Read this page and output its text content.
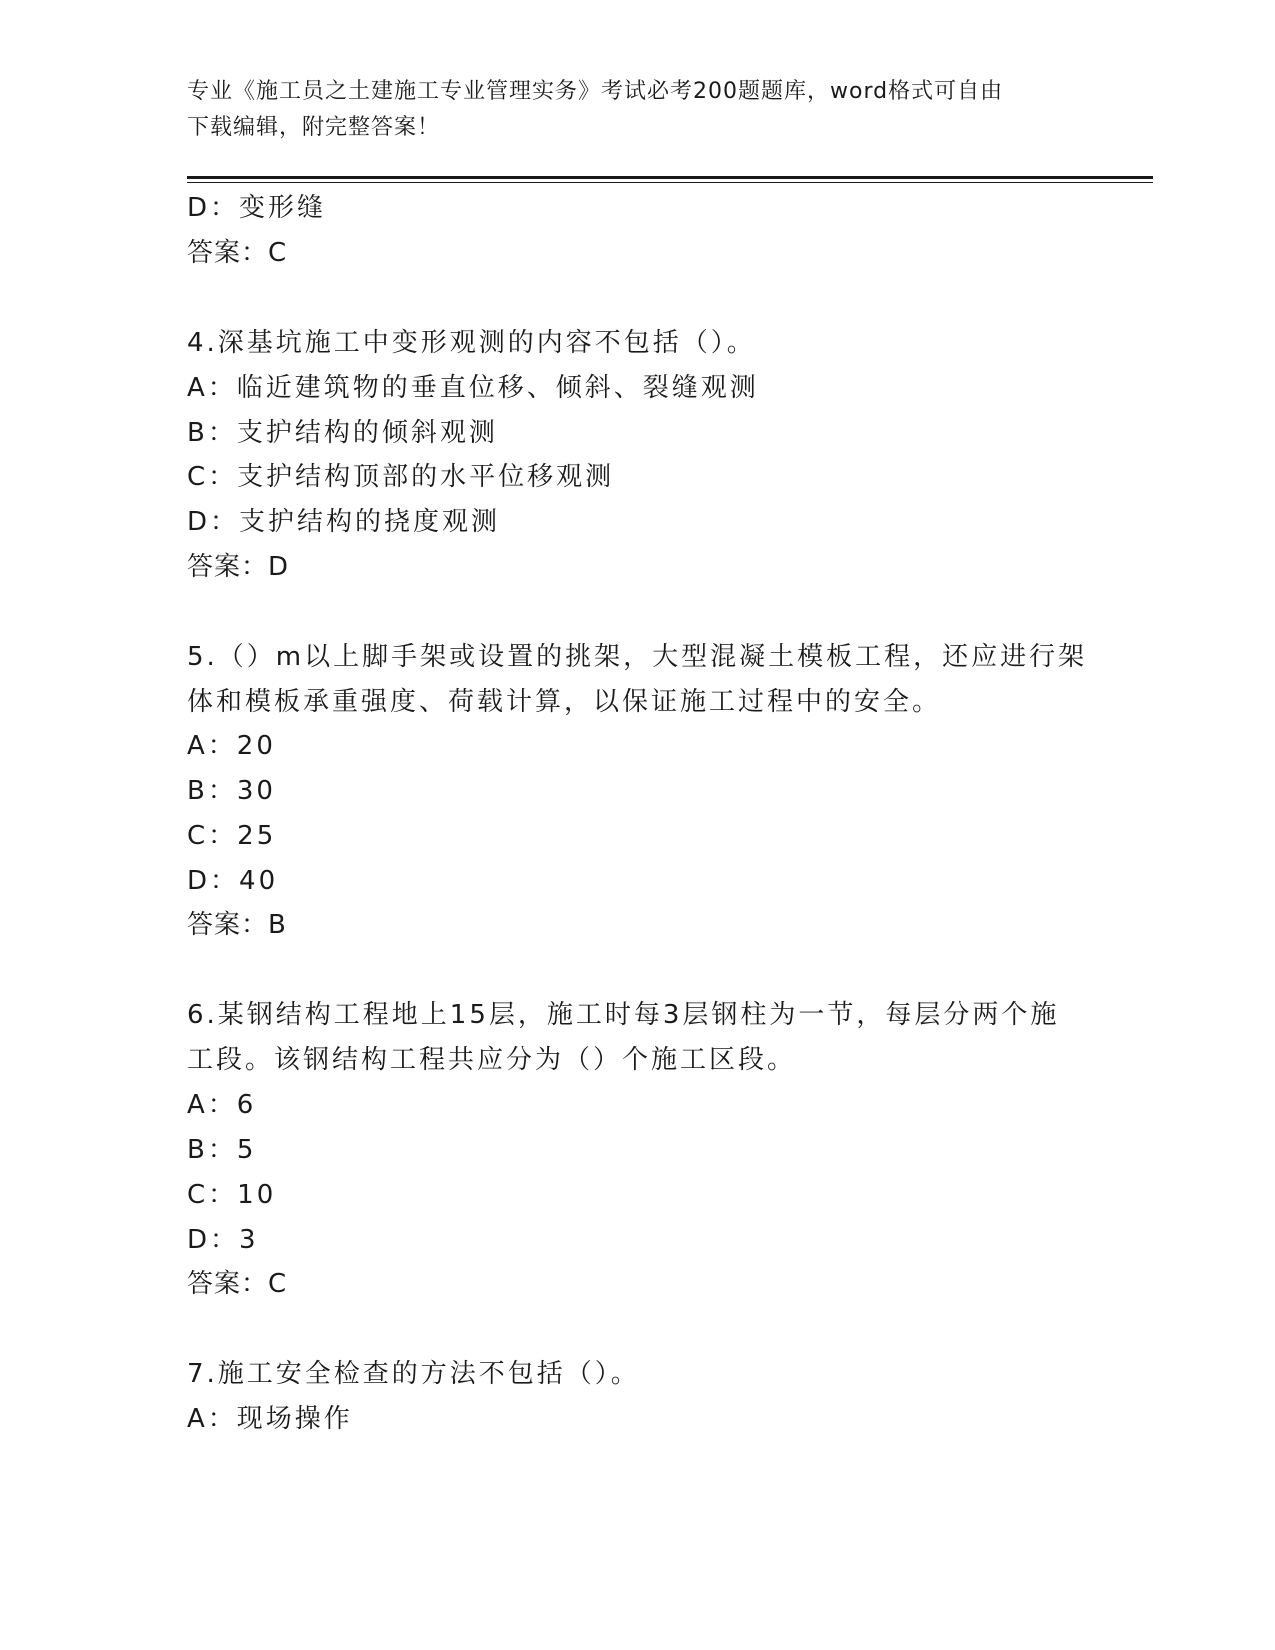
专业《施工员之土建施工专业管理实务》考试必考200题题库，word格式可自由
下载编辑，附完整答案！
D：变形缝
答案：C
4.深基坑施工中变形观测的内容不包括（）。
A：临近建筑物的垂直位移、倾斜、裂缝观测
B：支护结构的倾斜观测
C：支护结构顶部的水平位移观测
D：支护结构的挠度观测
答案：D
5.（）m以上脚手架或设置的挑架，大型混凝土模板工程，还应进行架
体和模板承重强度、荷载计算，以保证施工过程中的安全。
A：20
B：30
C：25
D：40
答案：B
6.某钢结构工程地上15层，施工时每3层钢柱为一节，每层分两个施
工段。该钢结构工程共应分为（）个施工区段。
A：6
B：5
C：10
D：3
答案：C
7.施工安全检查的方法不包括（）。
A：现场操作
